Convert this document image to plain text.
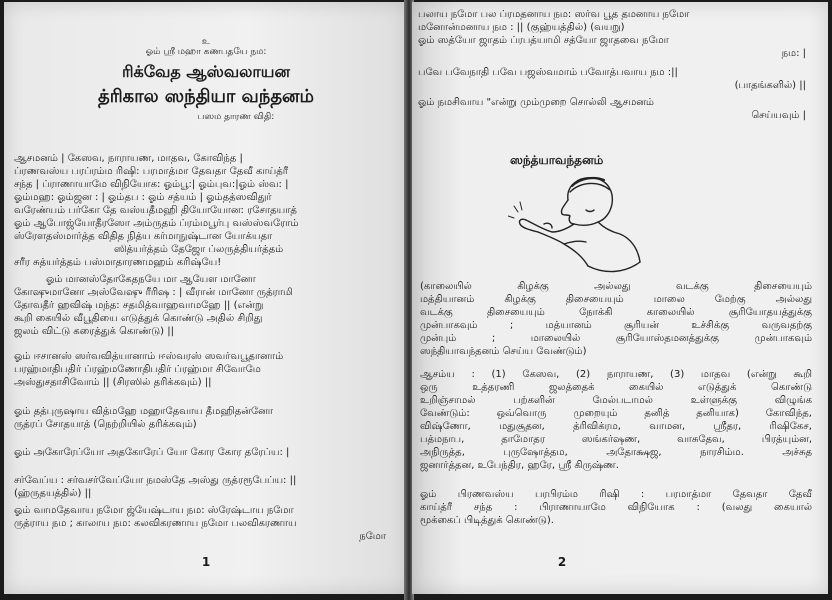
உ
ஓம் ஸ்ரீ மஹா கணபதயே நம:
ரிக்வேத ஆஸ்வலாயன
த்ரிகால ஸந்தியா வந்தனம்
பஸம தாரண விதி:
ஆசமனம் | கேஸவ, நாராயண, மாதவ, கோவிந்த |
ப்ரணவஸ்ய பரப்ரம்ம ரிஷி: பரமாத்மா தேவதா தேவீ காய்த்ரீ
சந்த | ப்ராணாயாமே விநியோக: ஓம்பூ:| ஓம்புவ:|ஓம் ஸ்வ: |
ஓம்மஹ: ஓம்ஜன : | ஓம்தப : ஓம் சத்யம் | ஓம்தத்ஸவிதுர்
வரேண்யம் பர்கோ தே வஸ்யதீமஹி தியோயோன: ரசோதயாத்
ஓம் ஆபோஜ்யோதீரஸோ அம்ருதம் ப்ரம்மபூர்பு வஸ்ஸ்வரோம்
ஸ்ரேளதஸ்மார்த்த விதித நித்ய கர்மாநுஷ்டான யோக்யதா
ஸித்யர்த்தம் தேஜோ ப்லருத்தியர்த்தம்
சரீர சுத்யர்த்தம் பஸ்மாதாரணமஹம் கரிஷ்யே!
ஓம் மானஸ்தோகேதநயே மா ஆயேள மானோ
கோஷுமானோ அஸ்வேஷு ரீரிஷ : | வீரான் மானோ ருத்ராமி
தோவதீர் ஹவிஷ் மந்த: சதமித்வாஹவாமஹே || (என்று
கூறி கையில் வீபூதியை எடுத்துக் கொண்டு அதில் சிறிது
ஜலம் விட்டு கரைத்துக் கொண்டு) ||
ஓம் ஈசானஸ் ஸர்வவித்யானாம் ஈஸ்வரஸ் ஸவர்வபூதானாம்
பரஹ்மாதிபதிர் ப்ரஹ்மணோதிபதிர் ப்ரஹ்மா சிவோமே
அஸ்துசதாசிவோம் || (சிரஸில் தரிக்கவும்) ||
ஓம் தத்புருஷாய வித்மஹே மஹாதேவாய தீமஹிதன்னோ
ருத்ரப் சோதயாத் (நெற்றியில் தரிக்கவும்)
ஓம் அகோரேப்யோ அதகோரேப் யோ கோர கோர தரேப்ய: |
சர்வேப்ய : சர்வசர்வேப்யோ நமஸ்தே அஸ்து ருத்ரரூபேப்ய: ||
(ஹ்ருதயத்தில்) ||
ஓம் வாமதேவாய நமோ ஜ்யேஷ்டாய நம: ஸ்ரேஷ்டாய நமோ
ருத்ராய நம ; காலாய நம: கலவிகரணாய நமோ பலவிகரணாய
நமோ
1
பலாய நமோ பல ப்ரமதனாய நம: ஸர்வ பூத தமனாய நமோ
மனோன்மனாய நம : || (குஹ்யத்தில்) (வயறு)
ஓம் ஸத்யோ ஜாதம் ப்ரபத்யாமி சத்யோ ஜாதவை நமோ
நம: |
பவே பவேநாதி பவே பஜஸ்வமாம் பவோத்பவாய நம :||
(பாதங்களில்) ||
ஓம் நமசிவாய "என்று மும்முறை சொல்லி ஆசமனம்
செய்யவும் |
ஸந்த்யாவந்தனம்
(காலையில் கிழக்கு அல்லது வடக்கு திசையையும்
மத்தியானம் கிழக்கு திசையையும் மாலை மேற்கு அல்லது
வடக்கு திசையையும் நோக்கி காலையில் சூரியோதயத்துக்கு
முன்பாகவும் ; மத்யானம் சூரியன் உச்சிக்கு வருவதற்கு
முன்பும் ; மாலையில் சூரியோஸ்தமனத்துக்கு முன்பாகவும்
ஸந்தியாவந்தனம் செய்ய வேண்டும்)
ஆசம்ய : (1) கேஸவ, (2) நாராயண, (3) மாதவ (என்று கூறி
ஒரு உத்தரணி ஜலத்தைக் கையில் எடுத்துக் கொண்டு
உறிஞ்சாமல் பற்களின் மேல்படாமல் உள்ளுக்கு விழுங்க
வேண்டும்: ஒவ்வொரு முறையும் தனித் தனியாக) கோவிந்த,
விஷ்ணோ, மதுசூதன, த்ரிவிக்ரம, வாமன, ஸ்ரீதர, ரிஷிகேச,
பத்மநாப, தாமோதர ஸங்கர்ஷண, வாசுதேவ, பிரத்யும்ன,
அநிருத்த, புருஷோத்தம, அதோக்ஷஜ, நாரசிம்ம. அச்சுத
ஜனார்த்தன, உபேந்திர, ஹரே, ஸ்ரீ கிருஷ்ண.
ஓம் பிரணவஸ்ய பரபிரம்ம ரிஷி : பரமாத்மா தேவதா தேவீ
காய்த்ரீ சந்த : பிராணாயாமே விநியோக : (வலது கையால்
மூக்கைப் பிடித்துக் கொண்டு).
2
